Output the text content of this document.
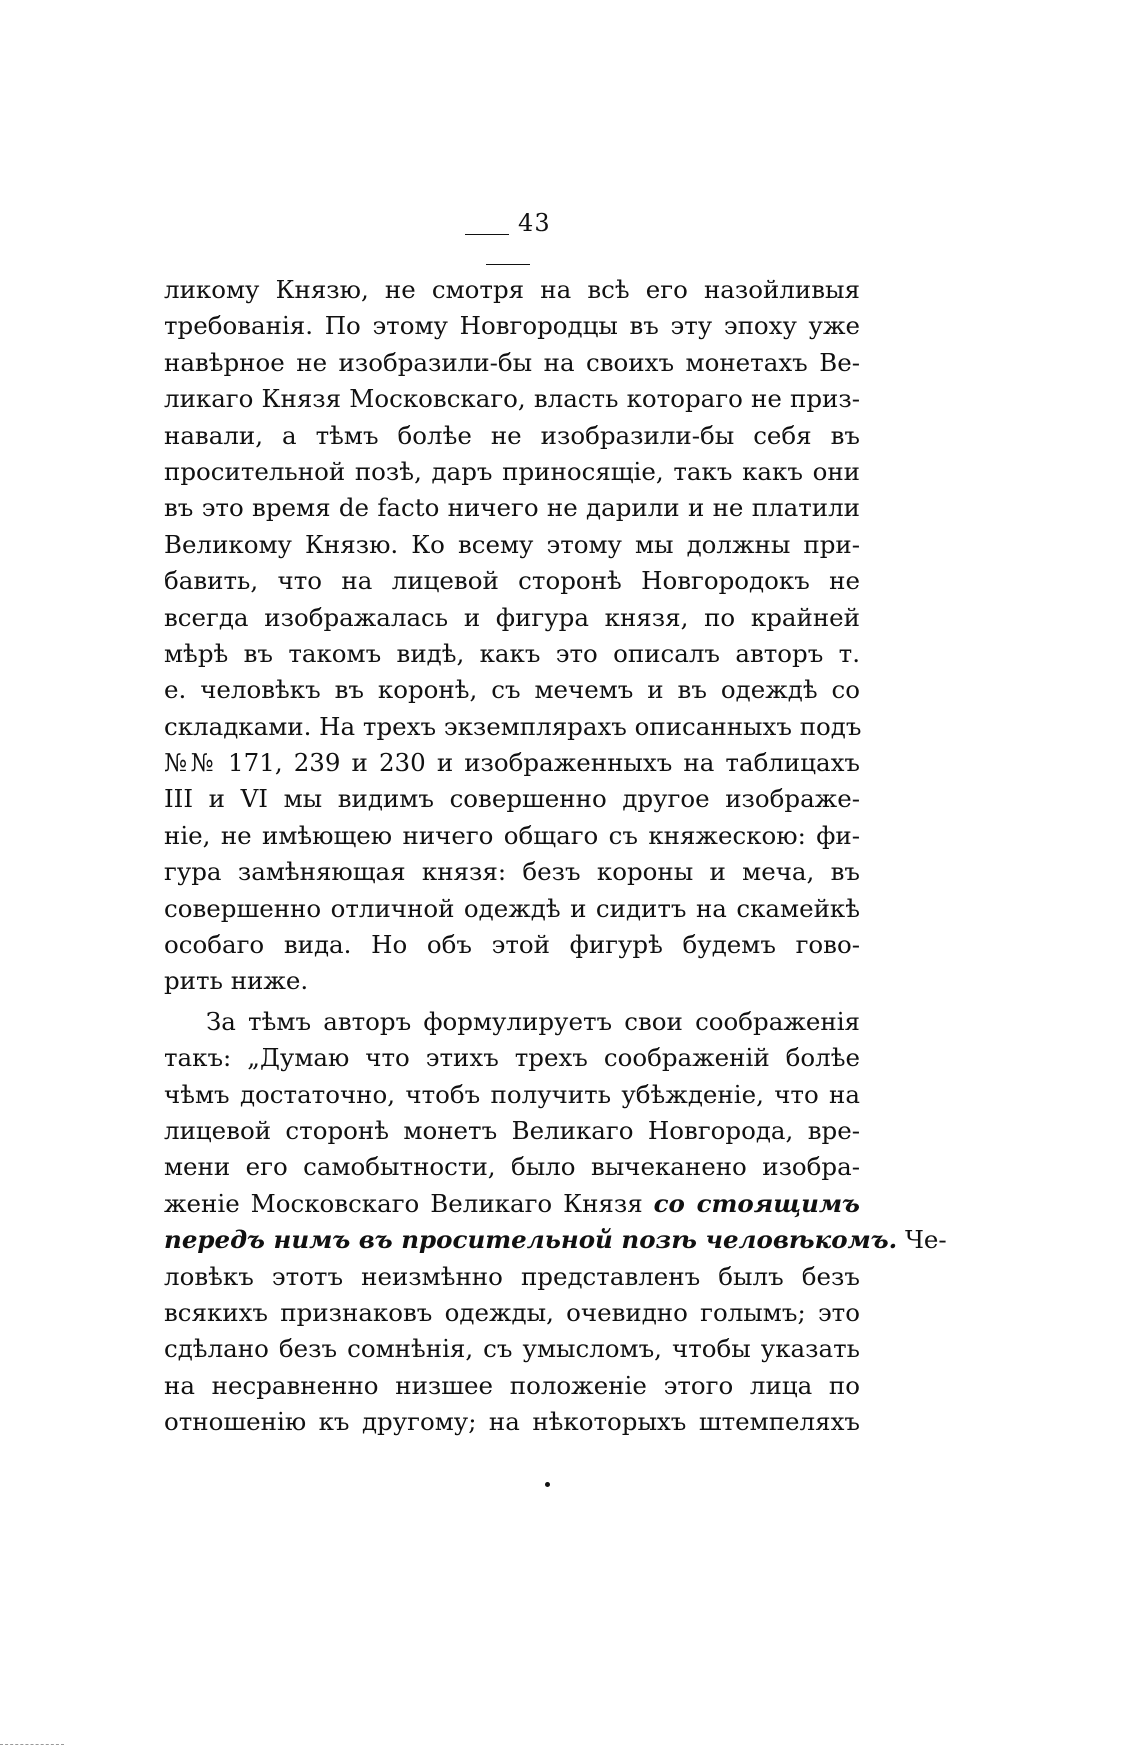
43
ликому Князю, не смотря на всѣ его назойливыя
требованія. По этому Новгородцы въ эту эпоху уже
навѣрное не изобразили-бы на своихъ монетахъ Ве-
ликаго Князя Московскаго, власть котораго не приз-
навали, а тѣмъ болѣе не изобразили-бы себя въ
просительной позѣ, даръ приносящіе, такъ какъ они
въ это время de facto ничего не дарили и не платили
Великому Князю. Ко всему этому мы должны при-
бавить, что на лицевой сторонѣ Новгородокъ не
всегда изображалась и фигура князя, по крайней
мѣрѣ въ такомъ видѣ, какъ это описалъ авторъ т.
е. человѣкъ въ коронѣ, съ мечемъ и въ одеждѣ со
складками. На трехъ экземплярахъ описанныхъ подъ
№№ 171, 239 и 230 и изображенныхъ на таблицахъ
III и VI мы видимъ совершенно другое изображе-
ніе, не имѣющею ничего общаго съ княжескою: фи-
гура замѣняющая князя: безъ короны и меча, въ
совершенно отличной одеждѣ и сидитъ на скамейкѣ
особаго вида. Но объ этой фигурѣ будемъ гово-
рить ниже.
За тѣмъ авторъ формулируетъ свои соображенія
такъ: „Думаю что этихъ трехъ соображеній болѣе
чѣмъ достаточно, чтобъ получить убѣжденіе, что на
лицевой сторонѣ монетъ Великаго Новгорода, вре-
мени его самобытности, было вычеканено изобра-
женіе Московскаго Великаго Князя со стоящимъ
передъ нимъ въ просительной позѣ человѣкомъ. Че-
ловѣкъ этотъ неизмѣнно представленъ былъ безъ
всякихъ признаковъ одежды, очевидно голымъ; это
сдѣлано безъ сомнѣнія, съ умысломъ, чтобы указать
на несравненно низшее положеніе этого лица по
отношенію къ другому; на нѣкоторыхъ штемпеляхъ
